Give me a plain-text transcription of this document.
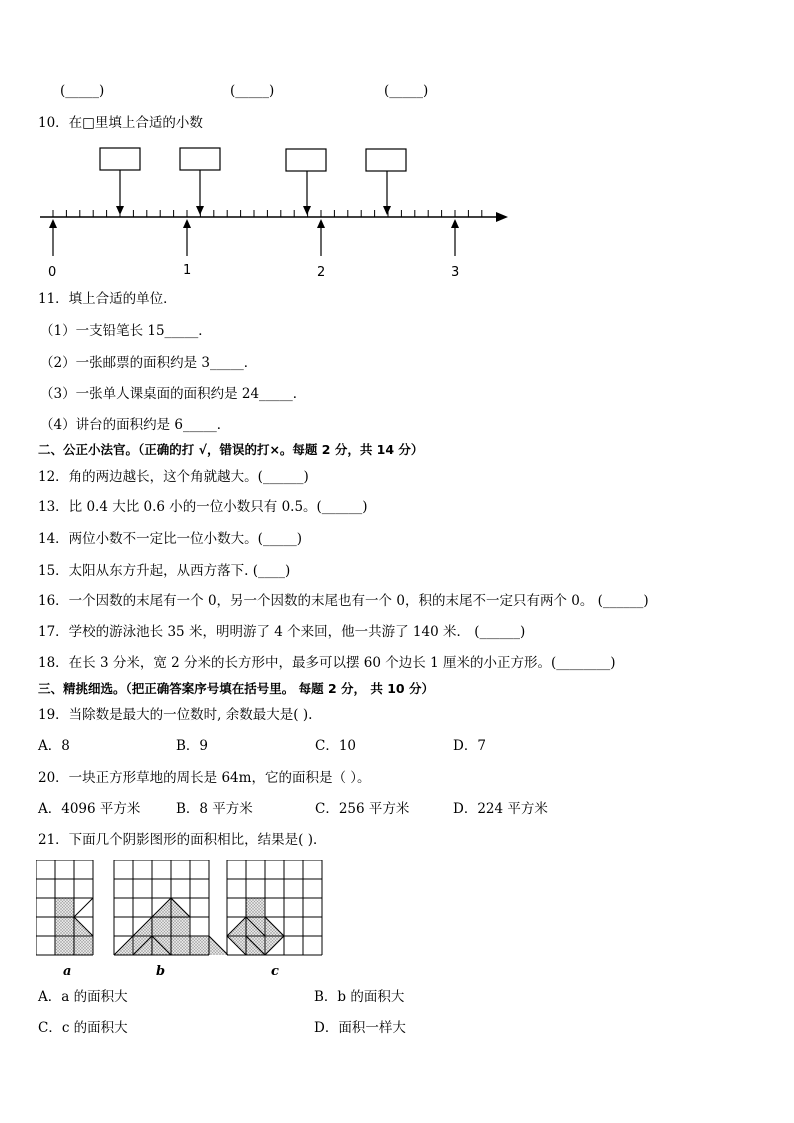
(_____)	(_____)	(_____)
10．在□里填上合适的小数
0	1	2	3
11．填上合适的单位．
（1）一支铅笔长 15_____．
（2）一张邮票的面积约是 3_____．
（3）一张单人课桌面的面积约是 24_____．
（4）讲台的面积约是 6_____．
二、公正小法官。（正确的打 √，错误的打×。每题 2 分，共 14 分）
12．角的两边越长，这个角就越大。(______)
13．比 0.4 大比 0.6 小的一位小数只有 0.5。(______)
14．两位小数不一定比一位小数大。(_____)
15．太阳从东方升起，从西方落下. (____)
16．一个因数的末尾有一个 0，另一个因数的末尾也有一个 0，积的末尾不一定只有两个 0。 (______)
17．学校的游泳池长 35 米，明明游了 4 个来回，他一共游了 140 米． (______)
18．在长 3 分米，宽 2 分米的长方形中，最多可以摆 60 个边长 1 厘米的小正方形。(________)
三、精挑细选。（把正确答案序号填在括号里。 每题 2 分， 共 10 分）
19．当除数是最大的一位数时, 余数最大是( ).
A．8	B．9	C．10	D．7
20．一块正方形草地的周长是 64m，它的面积是（ ）。
A．4096 平方米	B．8 平方米	C．256 平方米	D．224 平方米
21．下面几个阴影图形的面积相比，结果是( )．
a	b	c
A．a 的面积大	B．b 的面积大
C．c 的面积大	D．面积一样大
